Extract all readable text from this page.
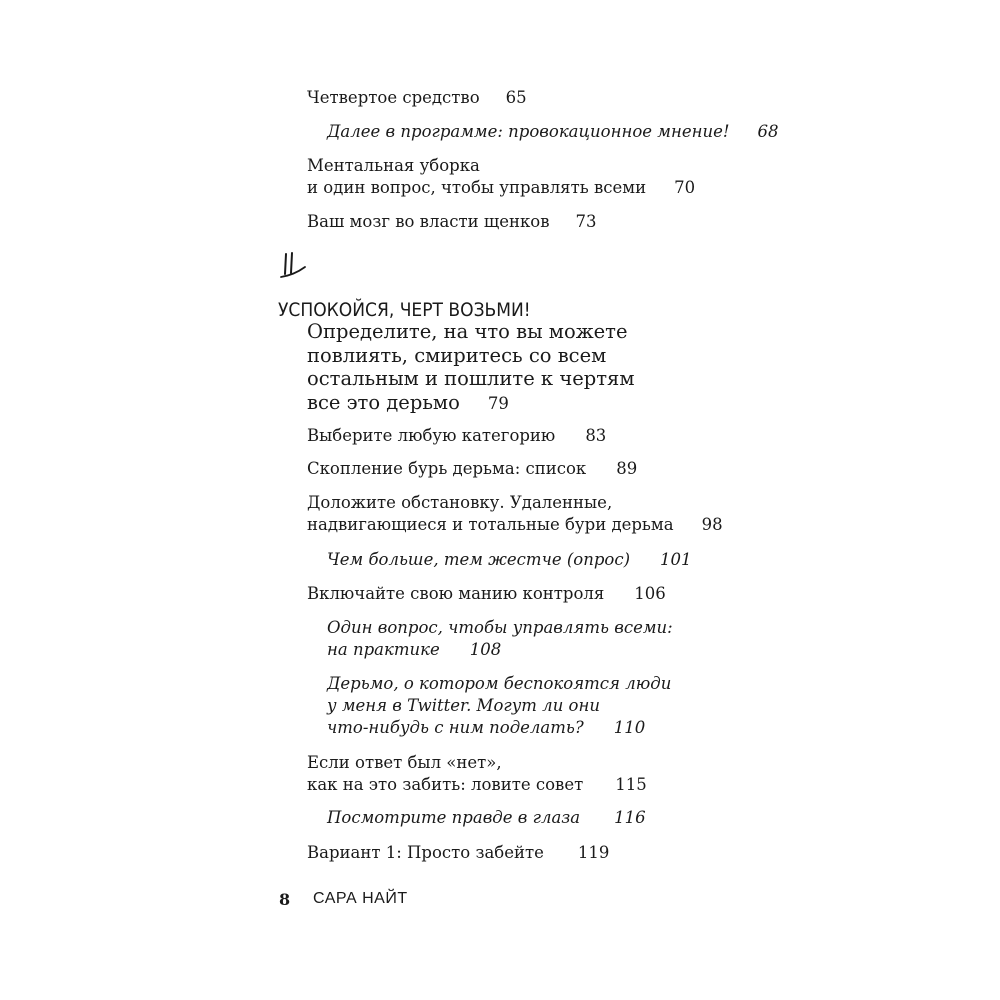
Четвертое средство 65
Далее в программе: провокационное мнение! 68
Ментальная уборка
и один вопрос, чтобы управлять всеми 70
Ваш мозг во власти щенков 73
УСПОКОЙСЯ, ЧЕРТ ВОЗЬМИ!
Определите, на что вы можете
повлиять, смиритесь со всем
остальным и пошлите к чертям
все это дерьмо 79
Выберите любую категорию 83
Скопление бурь дерьма: список 89
Доложите обстановку. Удаленные,
надвигающиеся и тотальные бури дерьма 98
Чем больше, тем жестче (опрос) 101
Включайте свою манию контроля 106
Один вопрос, чтобы управлять всеми:
на практике 108
Дерьмо, о котором беспокоятся люди
у меня в Twitter. Могут ли они
что-нибудь с ним поделать? 110
Если ответ был «нет»,
как на это забить: ловите совет 115
Посмотрите правде в глаза 116
Вариант 1: Просто забейте 119
8 САРА НАЙТ
